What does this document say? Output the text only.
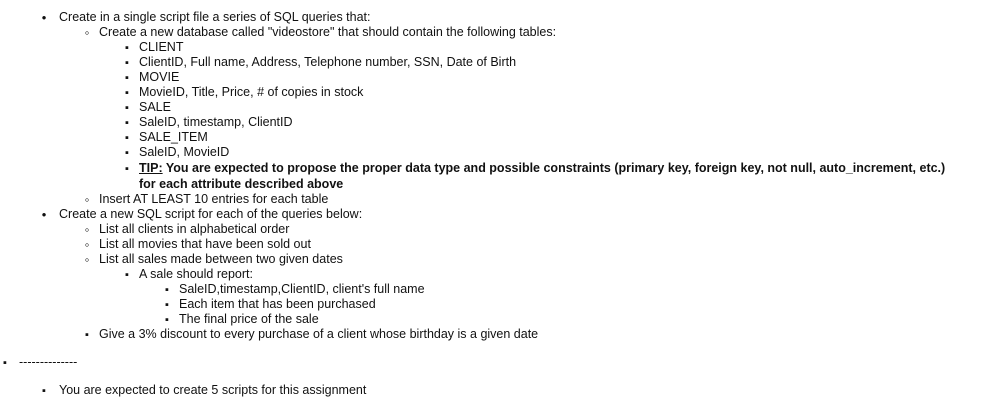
•
Create in a single script file a series of SQL queries that:
◦
Create a new database called "videostore" that should contain the following tables:
▪
CLIENT
▪
ClientID, Full name, Address, Telephone number, SSN, Date of Birth
▪
MOVIE
▪
MovieID, Title, Price, # of copies in stock
▪
SALE
▪
SaleID, timestamp, ClientID
▪
SALE_ITEM
▪
SaleID, MovieID
▪
TIP: You are expected to propose the proper data type and possible constraints (primary key, foreign key, not null, auto_increment, etc.)
for each attribute described above
◦
Insert AT LEAST 10 entries for each table
•
Create a new SQL script for each of the queries below:
◦
List all clients in alphabetical order
◦
List all movies that have been sold out
◦
List all sales made between two given dates
▪
A sale should report:
▪
SaleID,timestamp,ClientID, client's full name
▪
Each item that has been purchased
▪
The final price of the sale
▪
Give a 3% discount to every purchase of a client whose birthday is a given date
▪
--------------
▪
You are expected to create 5 scripts for this assignment
